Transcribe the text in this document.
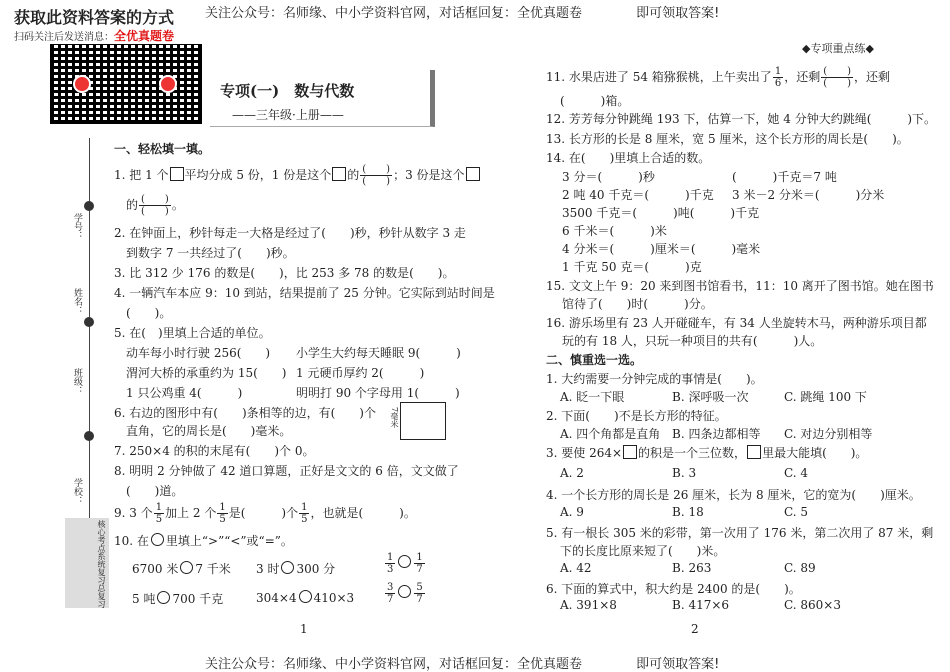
关注公众号：名师缘、中小学资料官网，对话框回复：全优真题卷	即可领取答案!
关注公众号：名师缘、中小学资料官网，对话框回复：全优真题卷	即可领取答案!
获取此资料答案的方式
扫码关注后发送消息：全优真题卷
学号：
姓名：
班级：
学校：
核心考点系统复习总复习
专项(一)　数与代数
——三年级·上册——
◆专项重点练◆
一、轻松填一填。
1. 把 1 个 平均分成 5 份，1 份是这个 的 $\frac{( )}{( )}$ ；3 份是这个
的 $\frac{( )}{( )}$ 。
2. 在钟面上，秒针每走一大格是经过了(　　)秒，秒针从数字 3 走
到数字 7 一共经过了(　　)秒。
3. 比 312 少 176 的数是(　　)，比 253 多 78 的数是(　　)。
4. 一辆汽车本应 9：10 到站，结果提前了 25 分钟。它实际到站时间是
(　　)。
5. 在(　)里填上合适的单位。
动车每小时行驶 256(　　) 小学生大约每天睡眠 9(　　　)
渭河大桥的承重约为 15(　　) 1 元硬币厚约 2(　　　)
1 只公鸡重 4(　　　)	明明打 90 个字母用 1(　　　)
6. 右边的图形中有(　　)条相等的边，有(　　)个
直角，它的周长是(　　)毫米。
7毫米
7. 250×4 的积的末尾有(　　)个 0。
8. 明明 2 分钟做了 42 道口算题，正好是文文的 6 倍，文文做了
(　　)道。
9. 3 个 $\frac{1}{5}$ 加上 2 个 $\frac{1}{5}$ 是(　　　)个 $\frac{1}{5}$ ，也就是(　　　)。
10. 在 里填上“>”“<”或“=”。
6700 米 7 千米 3 时 300 分	$\frac{1}{3} \frac{1}{7}$
5 吨 700 千克	304×4 410×3	$\frac{3}{7} \frac{5}{7}$
1
11. 水果店进了 54 箱猕猴桃，上午卖出了 $\frac{1}{6}$ ，还剩 $\frac{( )}{( )}$ ，还剩
(　　　)箱。
12. 芳芳每分钟跳绳 193 下，估算一下，她 4 分钟大约跳绳(　　　)下。
13. 长方形的长是 8 厘米，宽 5 厘米，这个长方形的周长是(　　)。
14. 在(　　)里填上合适的数。
3 分＝(　　　)秒	(　　　)千克＝7 吨
2 吨 40 千克＝(　　　)千克 3 米－2 分米＝(　　　)分米
3500 千克＝(　　　)吨(　　　)千克
6 千米＝(　　　)米
4 分米＝(　　　)厘米＝(　　　)毫米
1 千克 50 克＝(　　　)克
15. 文文上午 9：20 来到图书馆看书，11：10 离开了图书馆。她在图书
馆待了(　　)时(　　　)分。
16. 游乐场里有 23 人开碰碰车，有 34 人坐旋转木马，两种游乐项目都
玩的有 18 人，只玩一种项目的共有(　　　)人。
二、慎重选一选。
1. 大约需要一分钟完成的事情是(　　)。
A. 眨一下眼	B. 深呼吸一次	C. 跳绳 100 下
2. 下面(　　)不是长方形的特征。
A. 四个角都是直角 B. 四条边都相等 C. 对边分别相等
3. 要使 264× 的积是一个三位数， 里最大能填(　　)。
A. 2	B. 3	C. 4
4. 一个长方形的周长是 26 厘米，长为 8 厘米，它的宽为(　　)厘米。
A. 9	B. 18	C. 5
5. 有一根长 305 米的彩带，第一次用了 176 米，第二次用了 87 米，剩
下的长度比原来短了(　　)米。
A. 42	B. 263	C. 89
6. 下面的算式中，积大约是 2400 的是(　　)。
A. 391×8	B. 417×6	C. 860×3
2
